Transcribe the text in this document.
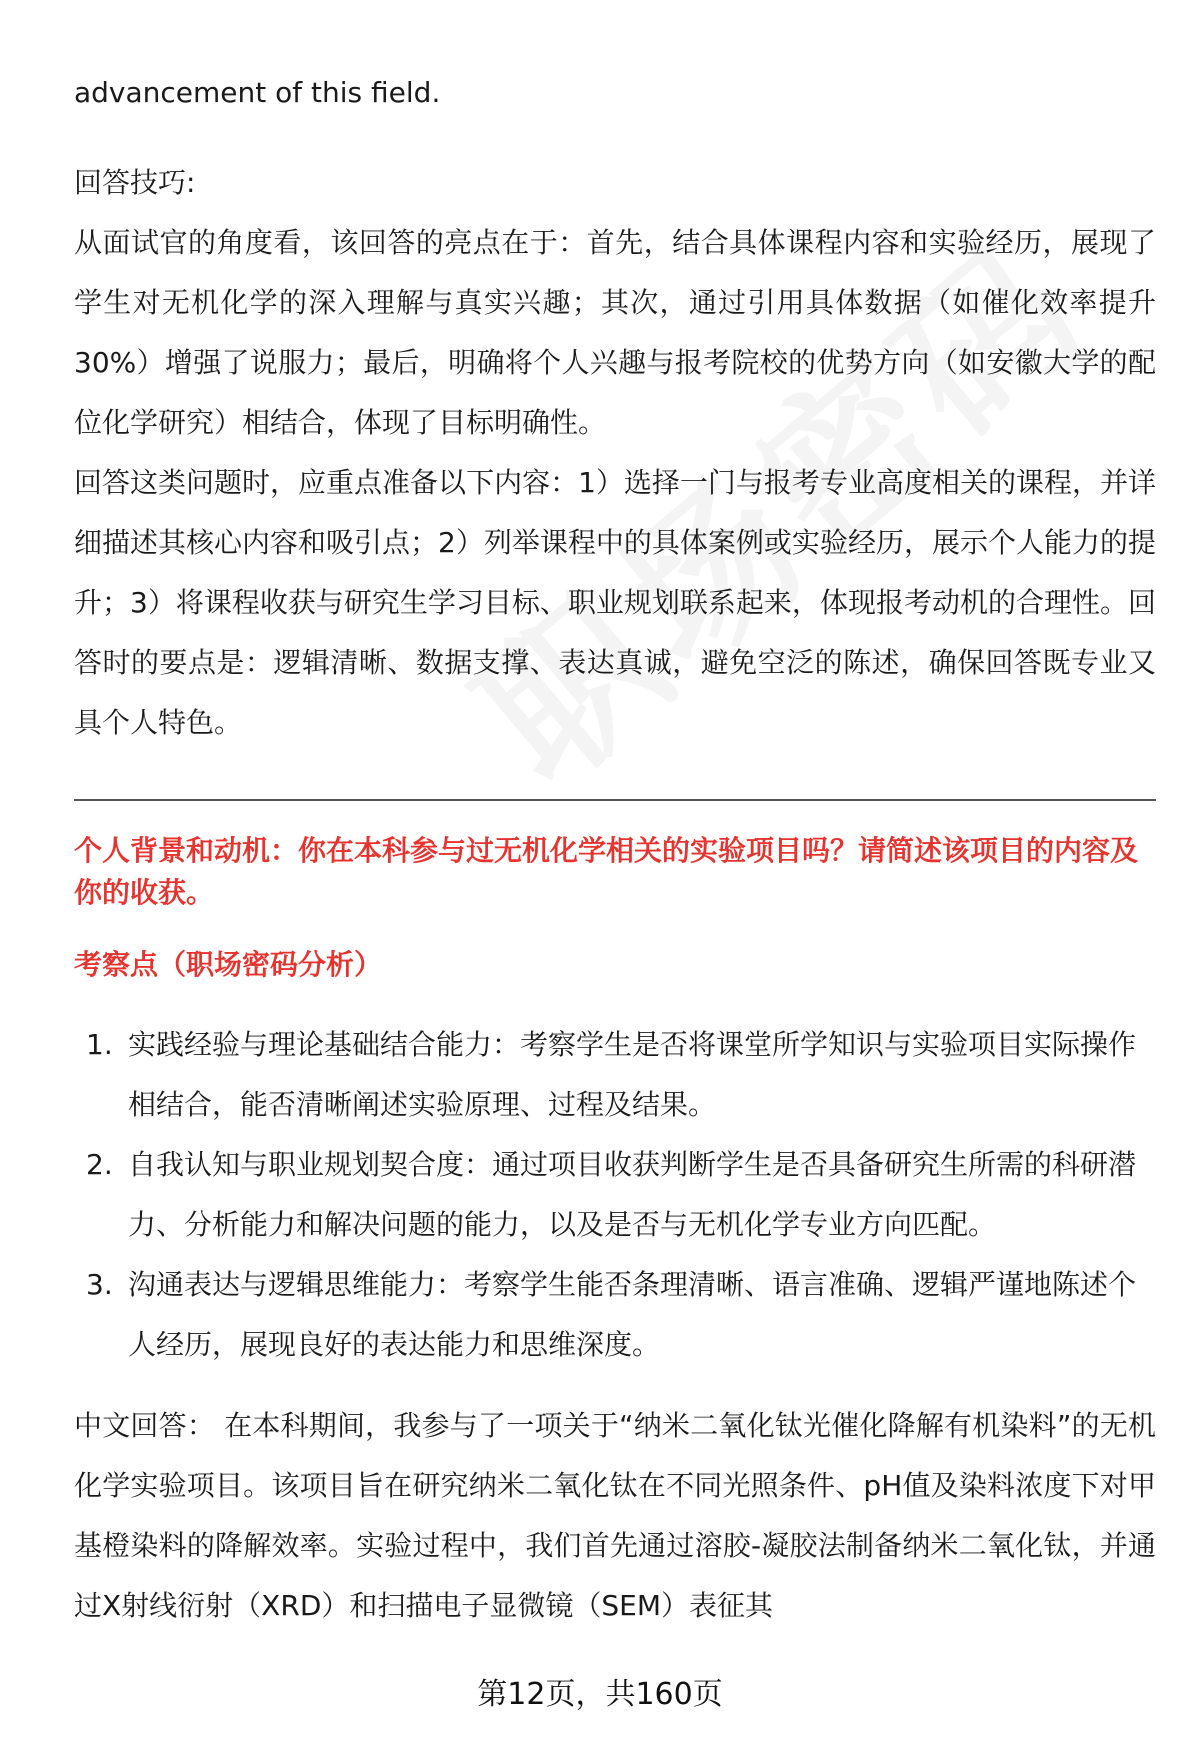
advancement of this field.

回答技巧:

从面试官的角度看，该回答的亮点在于：首先，结合具体课程内容和实验经历，展现了学生对无机化学的深入理解与真实兴趣；其次，通过引用具体数据（如催化效率提升30%）增强了说服力；最后，明确将个人兴趣与报考院校的优势方向（如安徽大学的配位化学研究）相结合，体现了目标明确性。

回答这类问题时，应重点准备以下内容：1）选择一门与报考专业高度相关的课程，并详细描述其核心内容和吸引点；2）列举课程中的具体案例或实验经历，展示个人能力的提升；3）将课程收获与研究生学习目标、职业规划联系起来，体现报考动机的合理性。回答时的要点是：逻辑清晰、数据支撑、表达真诚，避免空泛的陈述，确保回答既专业又具个人特色。

个人背景和动机：你在本科参与过无机化学相关的实验项目吗？请简述该项目的内容及你的收获。

考察点（职场密码分析）

1. 实践经验与理论基础结合能力：考察学生是否将课堂所学知识与实验项目实际操作相结合，能否清晰阐述实验原理、过程及结果。
2. 自我认知与职业规划契合度：通过项目收获判断学生是否具备研究生所需的科研潜力、分析能力和解决问题的能力，以及是否与无机化学专业方向匹配。
3. 沟通表达与逻辑思维能力：考察学生能否条理清晰、语言准确、逻辑严谨地陈述个人经历，展现良好的表达能力和思维深度。

中文回答： 在本科期间，我参与了一项关于“纳米二氧化钛光催化降解有机染料”的无机化学实验项目。该项目旨在研究纳米二氧化钛在不同光照条件、pH值及染料浓度下对甲基橙染料的降解效率。实验过程中，我们首先通过溶胶-凝胶法制备纳米二氧化钛，并通过X射线衍射（XRD）和扫描电子显微镜（SEM）表征其

第12页，共160页
